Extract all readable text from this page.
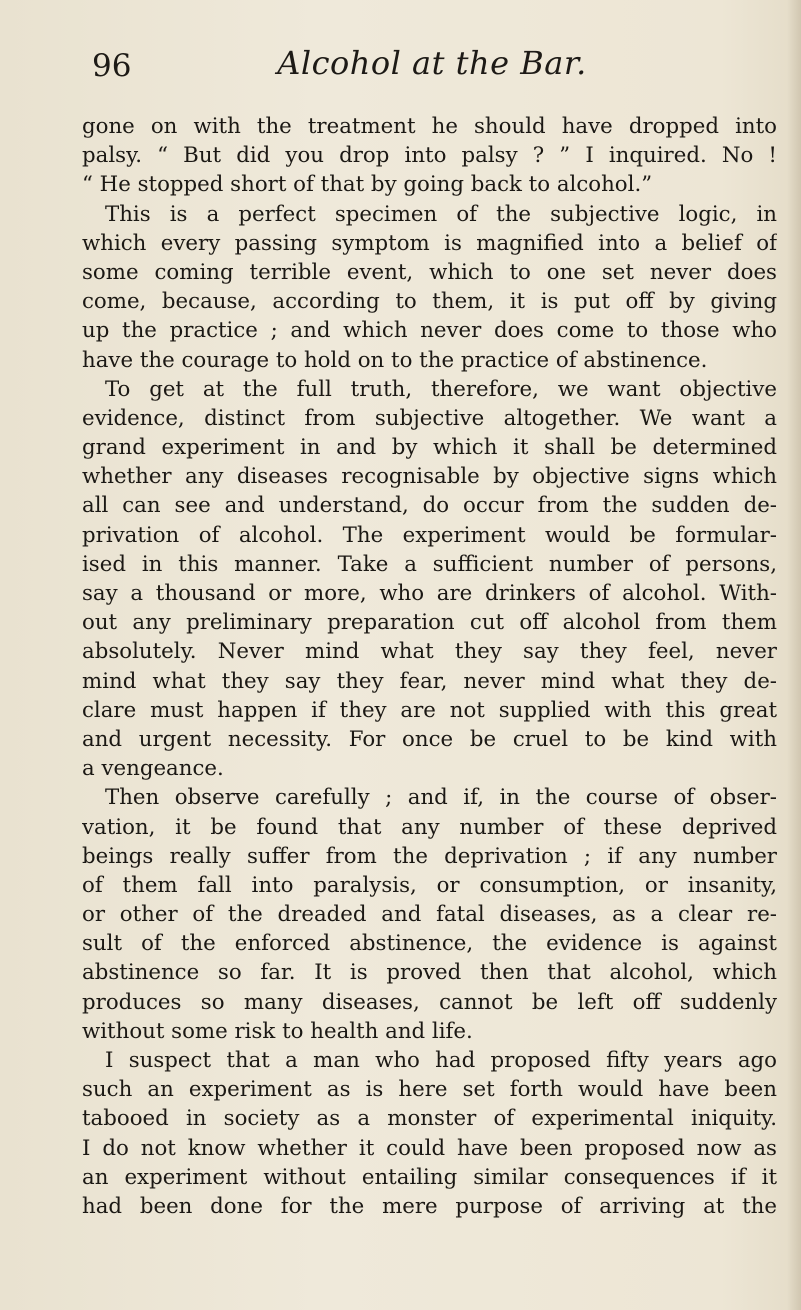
96	Alcohol at the Bar.
gone on with the treatment he should have dropped into
palsy. “ But did you drop into palsy ? ” I inquired. No !
“ He stopped short of that by going back to alcohol.”
This is a perfect specimen of the subjective logic, in
which every passing symptom is magnified into a belief of
some coming terrible event, which to one set never does
come, because, according to them, it is put off by giving
up the practice ; and which never does come to those who
have the courage to hold on to the practice of abstinence.
To get at the full truth, therefore, we want objective
evidence, distinct from subjective altogether. We want a
grand experiment in and by which it shall be determined
whether any diseases recognisable by objective signs which
all can see and understand, do occur from the sudden de-
privation of alcohol. The experiment would be formular-
ised in this manner. Take a sufficient number of persons,
say a thousand or more, who are drinkers of alcohol. With-
out any preliminary preparation cut off alcohol from them
absolutely. Never mind what they say they feel, never
mind what they say they fear, never mind what they de-
clare must happen if they are not supplied with this great
and urgent necessity. For once be cruel to be kind with
a vengeance.
Then observe carefully ; and if, in the course of obser-
vation, it be found that any number of these deprived
beings really suffer from the deprivation ; if any number
of them fall into paralysis, or consumption, or insanity,
or other of the dreaded and fatal diseases, as a clear re-
sult of the enforced abstinence, the evidence is against
abstinence so far. It is proved then that alcohol, which
produces so many diseases, cannot be left off suddenly
without some risk to health and life.
I suspect that a man who had proposed fifty years ago
such an experiment as is here set forth would have been
tabooed in society as a monster of experimental iniquity.
I do not know whether it could have been proposed now as
an experiment without entailing similar consequences if it
had been done for the mere purpose of arriving at the
